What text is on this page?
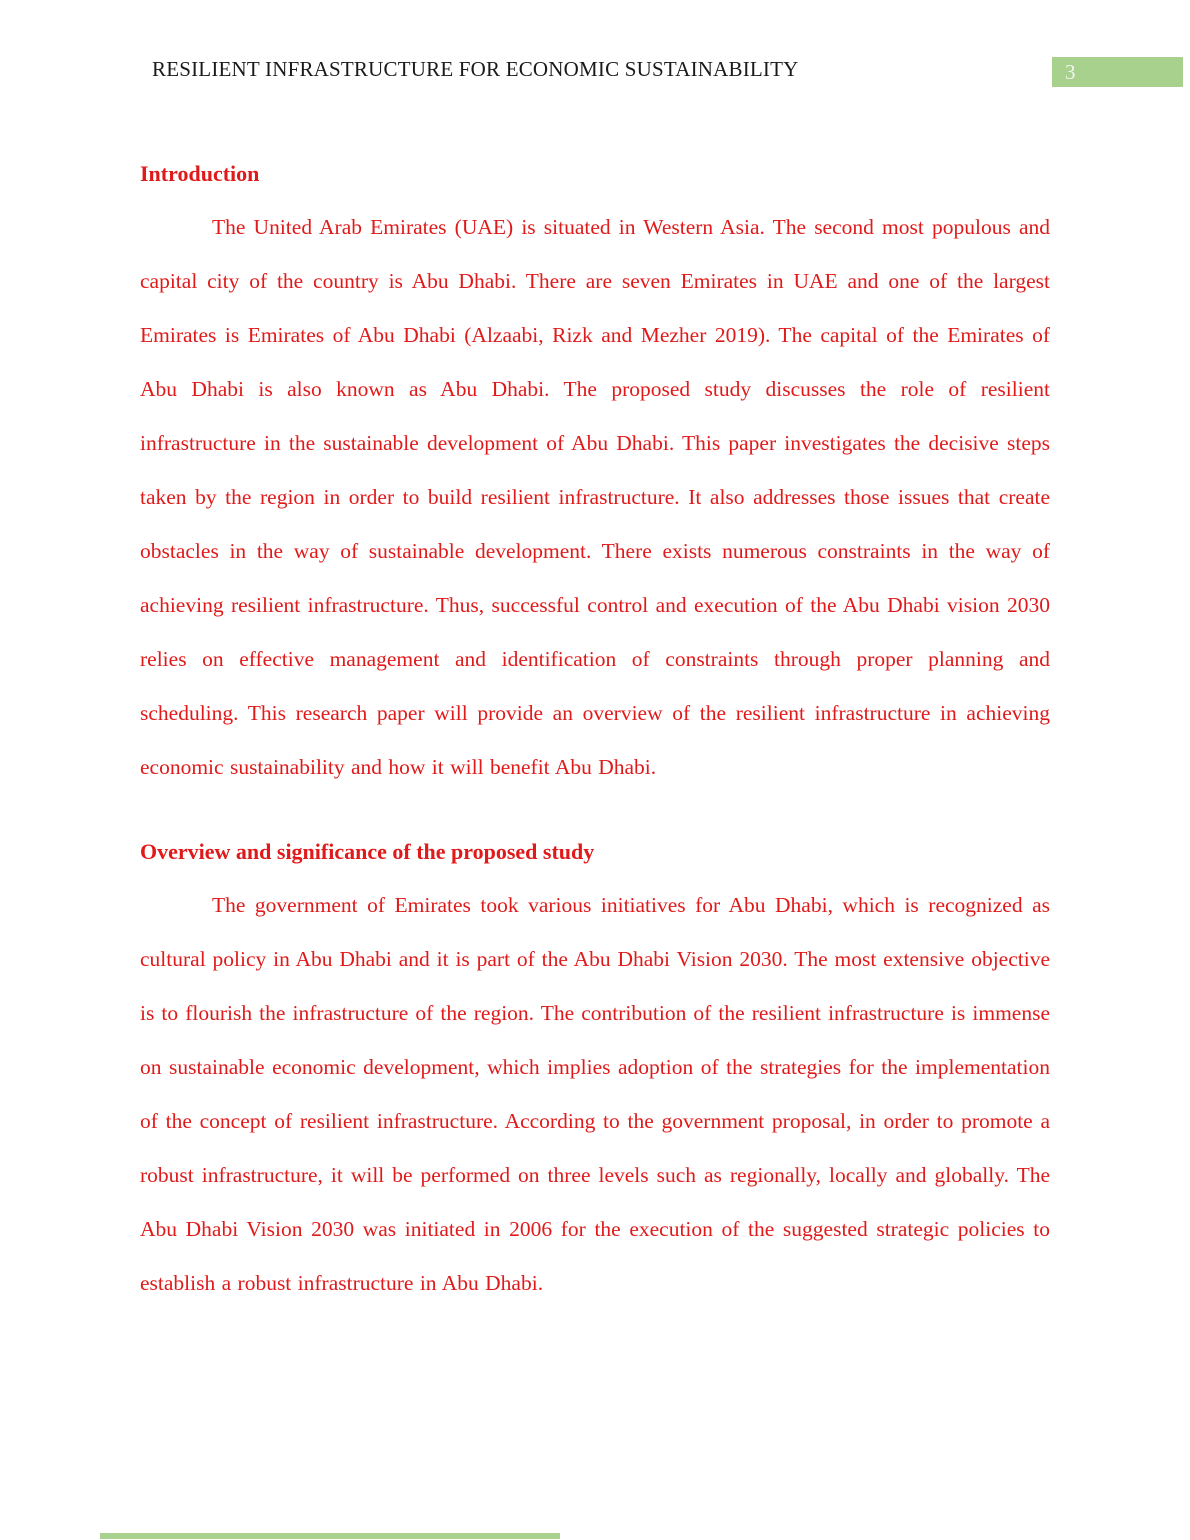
RESILIENT INFRASTRUCTURE FOR ECONOMIC SUSTAINABILITY	3
Introduction

The United Arab Emirates (UAE) is situated in Western Asia. The second most populous and capital city of the country is Abu Dhabi. There are seven Emirates in UAE and one of the largest Emirates is Emirates of Abu Dhabi (Alzaabi, Rizk and Mezher 2019). The capital of the Emirates of Abu Dhabi is also known as Abu Dhabi. The proposed study discusses the role of resilient infrastructure in the sustainable development of Abu Dhabi. This paper investigates the decisive steps taken by the region in order to build resilient infrastructure. It also addresses those issues that create obstacles in the way of sustainable development. There exists numerous constraints in the way of achieving resilient infrastructure. Thus, successful control and execution of the Abu Dhabi vision 2030 relies on effective management and identification of constraints through proper planning and scheduling. This research paper will provide an overview of the resilient infrastructure in achieving economic sustainability and how it will benefit Abu Dhabi.

Overview and significance of the proposed study

The government of Emirates took various initiatives for Abu Dhabi, which is recognized as cultural policy in Abu Dhabi and it is part of the Abu Dhabi Vision 2030. The most extensive objective is to flourish the infrastructure of the region. The contribution of the resilient infrastructure is immense on sustainable economic development, which implies adoption of the strategies for the implementation of the concept of resilient infrastructure. According to the government proposal, in order to promote a robust infrastructure, it will be performed on three levels such as regionally, locally and globally. The Abu Dhabi Vision 2030 was initiated in 2006 for the execution of the suggested strategic policies to establish a robust infrastructure in Abu Dhabi.
